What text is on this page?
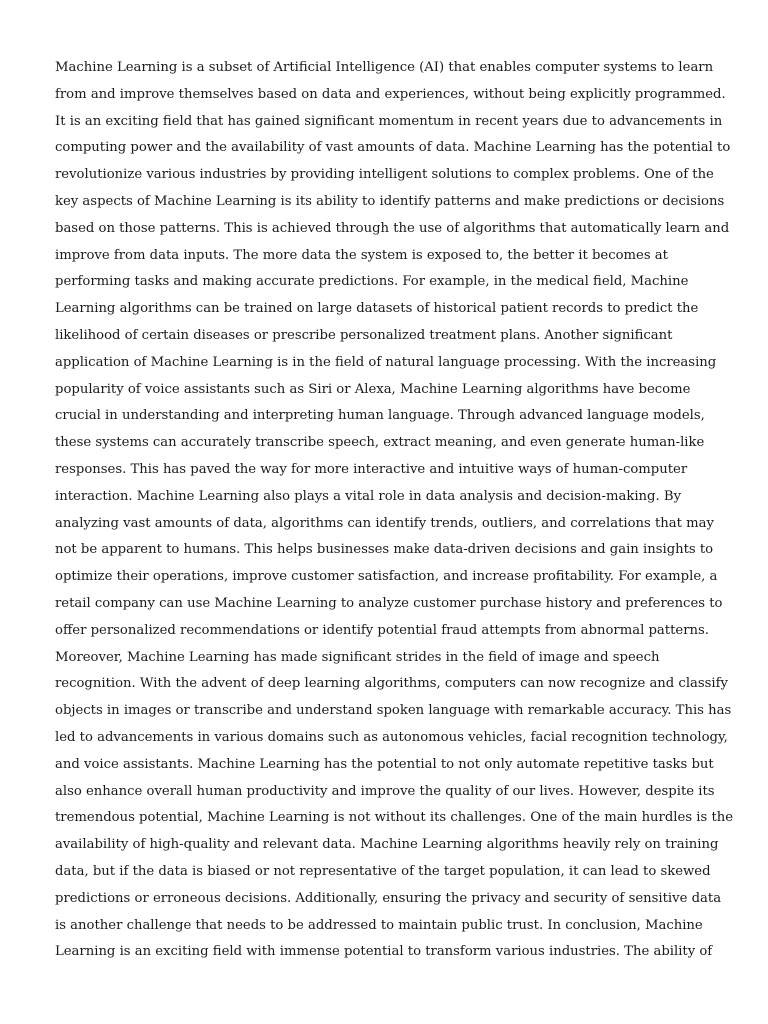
Machine Learning is a subset of Artificial Intelligence (AI) that enables computer systems to learn
from and improve themselves based on data and experiences, without being explicitly programmed.
It is an exciting field that has gained significant momentum in recent years due to advancements in
computing power and the availability of vast amounts of data. Machine Learning has the potential to
revolutionize various industries by providing intelligent solutions to complex problems. One of the
key aspects of Machine Learning is its ability to identify patterns and make predictions or decisions
based on those patterns. This is achieved through the use of algorithms that automatically learn and
improve from data inputs. The more data the system is exposed to, the better it becomes at
performing tasks and making accurate predictions. For example, in the medical field, Machine
Learning algorithms can be trained on large datasets of historical patient records to predict the
likelihood of certain diseases or prescribe personalized treatment plans. Another significant
application of Machine Learning is in the field of natural language processing. With the increasing
popularity of voice assistants such as Siri or Alexa, Machine Learning algorithms have become
crucial in understanding and interpreting human language. Through advanced language models,
these systems can accurately transcribe speech, extract meaning, and even generate human-like
responses. This has paved the way for more interactive and intuitive ways of human-computer
interaction. Machine Learning also plays a vital role in data analysis and decision-making. By
analyzing vast amounts of data, algorithms can identify trends, outliers, and correlations that may
not be apparent to humans. This helps businesses make data-driven decisions and gain insights to
optimize their operations, improve customer satisfaction, and increase profitability. For example, a
retail company can use Machine Learning to analyze customer purchase history and preferences to
offer personalized recommendations or identify potential fraud attempts from abnormal patterns.
Moreover, Machine Learning has made significant strides in the field of image and speech
recognition. With the advent of deep learning algorithms, computers can now recognize and classify
objects in images or transcribe and understand spoken language with remarkable accuracy. This has
led to advancements in various domains such as autonomous vehicles, facial recognition technology,
and voice assistants. Machine Learning has the potential to not only automate repetitive tasks but
also enhance overall human productivity and improve the quality of our lives. However, despite its
tremendous potential, Machine Learning is not without its challenges. One of the main hurdles is the
availability of high-quality and relevant data. Machine Learning algorithms heavily rely on training
data, but if the data is biased or not representative of the target population, it can lead to skewed
predictions or erroneous decisions. Additionally, ensuring the privacy and security of sensitive data
is another challenge that needs to be addressed to maintain public trust. In conclusion, Machine
Learning is an exciting field with immense potential to transform various industries. The ability of
